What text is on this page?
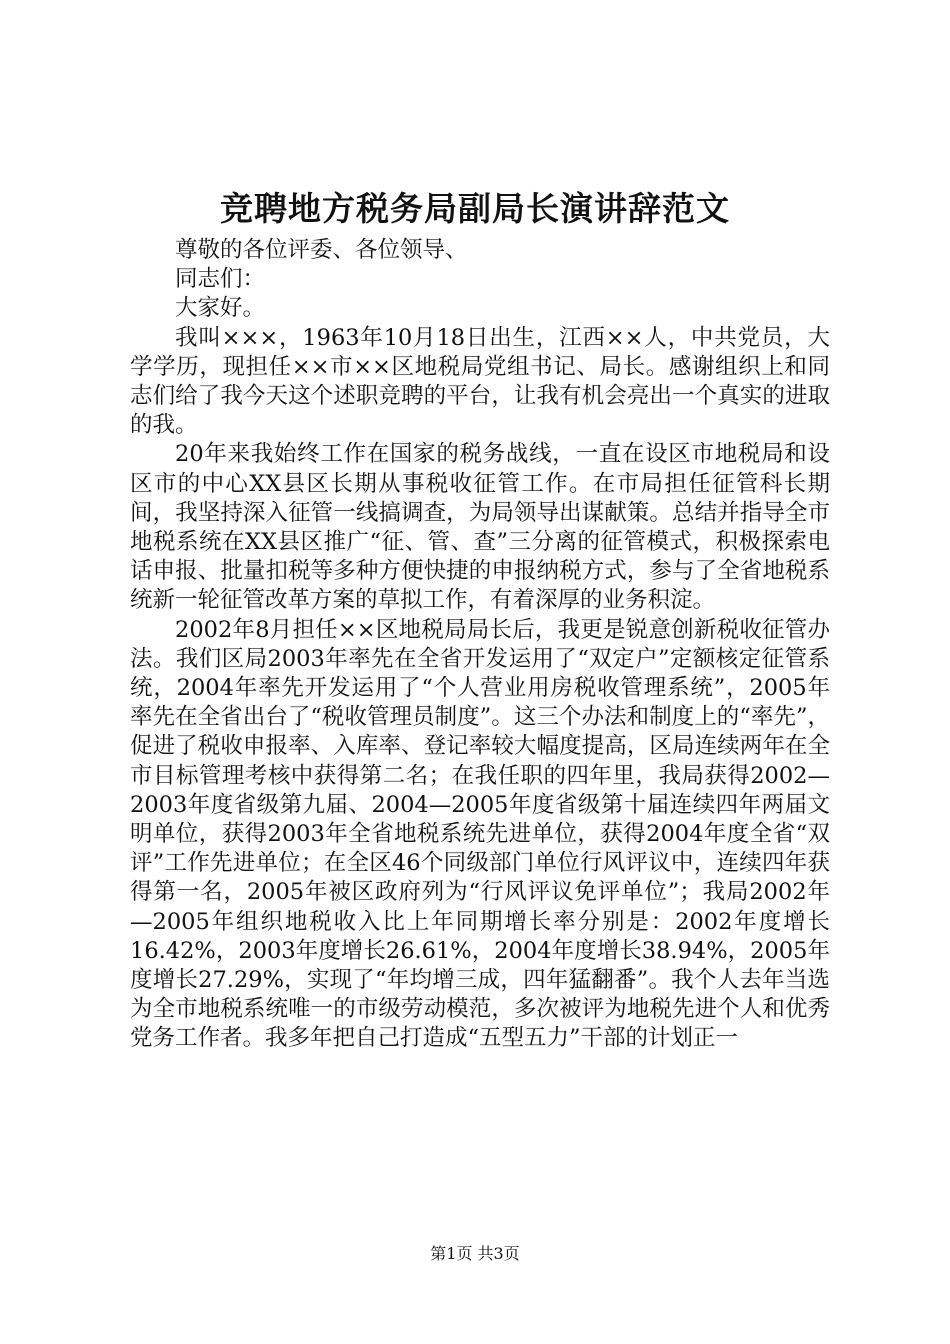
竞聘地方税务局副局长演讲辞范文

尊敬的各位评委、各位领导、

同志们：

大家好。

我叫×××，1963年10月18日出生，江西××人，中共党员，大学学历，现担任××市××区地税局党组书记、局长。感谢组织上和同志们给了我今天这个述职竞聘的平台，让我有机会亮出一个真实的进取的我。

20年来我始终工作在国家的税务战线，一直在设区市地税局和设区市的中心XX县区长期从事税收征管工作。在市局担任征管科长期间，我坚持深入征管一线搞调查，为局领导出谋献策。总结并指导全市地税系统在XX县区推广“征、管、查”三分离的征管模式，积极探索电话申报、批量扣税等多种方便快捷的申报纳税方式，参与了全省地税系统新一轮征管改革方案的草拟工作，有着深厚的业务积淀。

2002年8月担任××区地税局局长后，我更是锐意创新税收征管办法。我们区局2003年率先在全省开发运用了“双定户”定额核定征管系统，2004年率先开发运用了“个人营业用房税收管理系统”，2005年率先在全省出台了“税收管理员制度”。这三个办法和制度上的“率先”，促进了税收申报率、入库率、登记率较大幅度提高，区局连续两年在全市目标管理考核中获得第二名；在我任职的四年里，我局获得2002—2003年度省级第九届、2004—2005年度省级第十届连续四年两届文明单位，获得2003年全省地税系统先进单位，获得2004年度全省“双评”工作先进单位；在全区46个同级部门单位行风评议中，连续四年获得第一名，2005年被区政府列为“行风评议免评单位”；我局2002年—2005年组织地税收入比上年同期增长率分别是：2002年度增长16.42%，2003年度增长26.61%，2004年度增长38.94%，2005年度增长27.29%，实现了“年均增三成，四年猛翻番”。我个人去年当选为全市地税系统唯一的市级劳动模范，多次被评为地税先进个人和优秀党务工作者。我多年把自己打造成“五型五力”干部的计划正一

第1页 共3页
